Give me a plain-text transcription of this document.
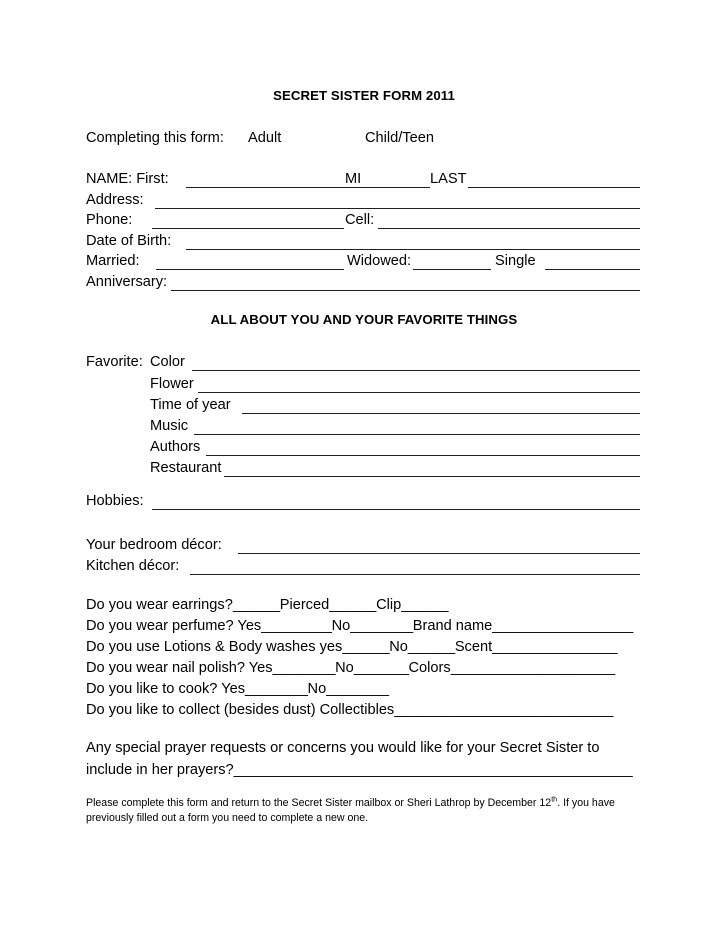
SECRET SISTER FORM 2011
Completing this form: Adult	Child/Teen
NAME: First:	MI	LAST
Address:
Phone:	Cell:
Date of Birth:
Married:	Widowed:	Single
Anniversary:
ALL ABOUT YOU AND YOUR FAVORITE THINGS
Favorite: Color
Flower
Time of year
Music
Authors
Restaurant
Hobbies:
Your bedroom décor:
Kitchen décor:
Do you wear earrings?______Pierced______Clip______
Do you wear perfume? Yes_________No________Brand name__________________
Do you use Lotions & Body washes yes______No______Scent________________
Do you wear nail polish? Yes________No_______Colors_____________________
Do you like to cook? Yes________No________
Do you like to collect (besides dust) Collectibles____________________________
Any special prayer requests or concerns you would like for your Secret Sister to
include in her prayers?___________________________________________________
Please complete this form and return to the Secret Sister mailbox or Sheri Lathrop by December 12th. If you have previously filled out a form you need to complete a new one.
